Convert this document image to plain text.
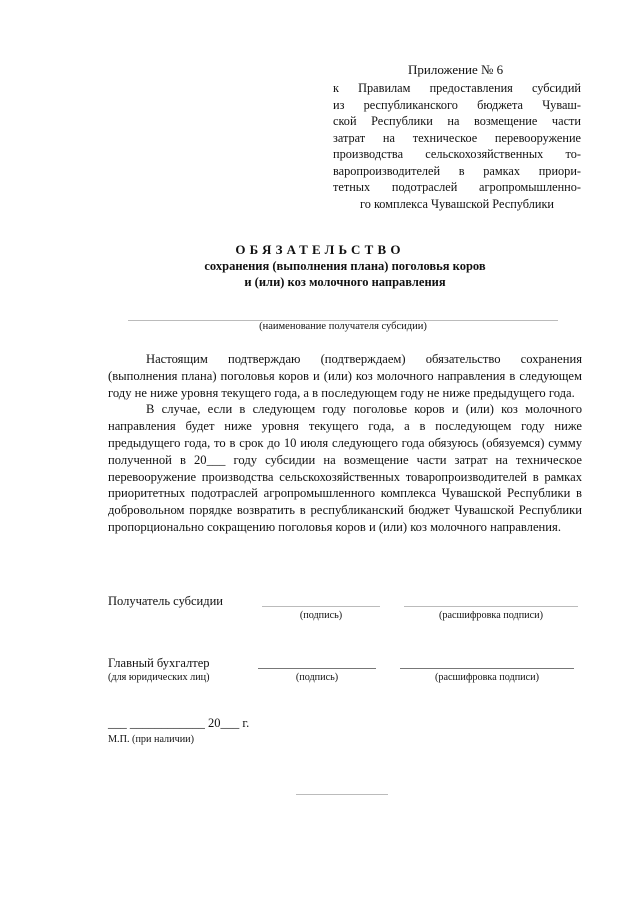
Приложение № 6
к Правилам предоставления субсидий
из республиканского бюджета Чуваш-
ской Республики на возмещение части
затрат на техническое перевооружение
производства сельскохозяйственных то-
варопроизводителей в рамках приори-
тетных подотраслей агропромышленно-
го комплекса Чувашской Республики
ОБЯЗАТЕЛЬСТВО
сохранения (выполнения плана) поголовья коров
и (или) коз молочного направления
(наименование получателя субсидии)

Настоящим подтверждаю (подтверждаем) обязательство сохранения (выполнения плана) поголовья коров и (или) коз молочного направления в следующем году не ниже уровня текущего года, а в последующем году не ниже предыдущего года.

В случае, если в следующем году поголовье коров и (или) коз молочного направления будет ниже уровня текущего года, а в последующем году ниже предыдущего года, то в срок до 10 июля следующего года обязуюсь (обязуемся) сумму полученной в 20___ году субсидии на возмещение части затрат на техническое перевооружение производства сельскохозяйственных товаропроизводителей в рамках приоритетных подотраслей агропромышленного комплекса Чувашской Республики в добровольном порядке возвратить в республиканский бюджет Чувашской Республики пропорционально сокращению поголовья коров и (или) коз молочного направления.

Получатель субсидии
(подпись)	(расшифровка подписи)
Главный бухгалтер
(для юридических лиц)	(подпись)	(расшифровка подписи)
___ ____________ 20___ г.
М.П. (при наличии)
